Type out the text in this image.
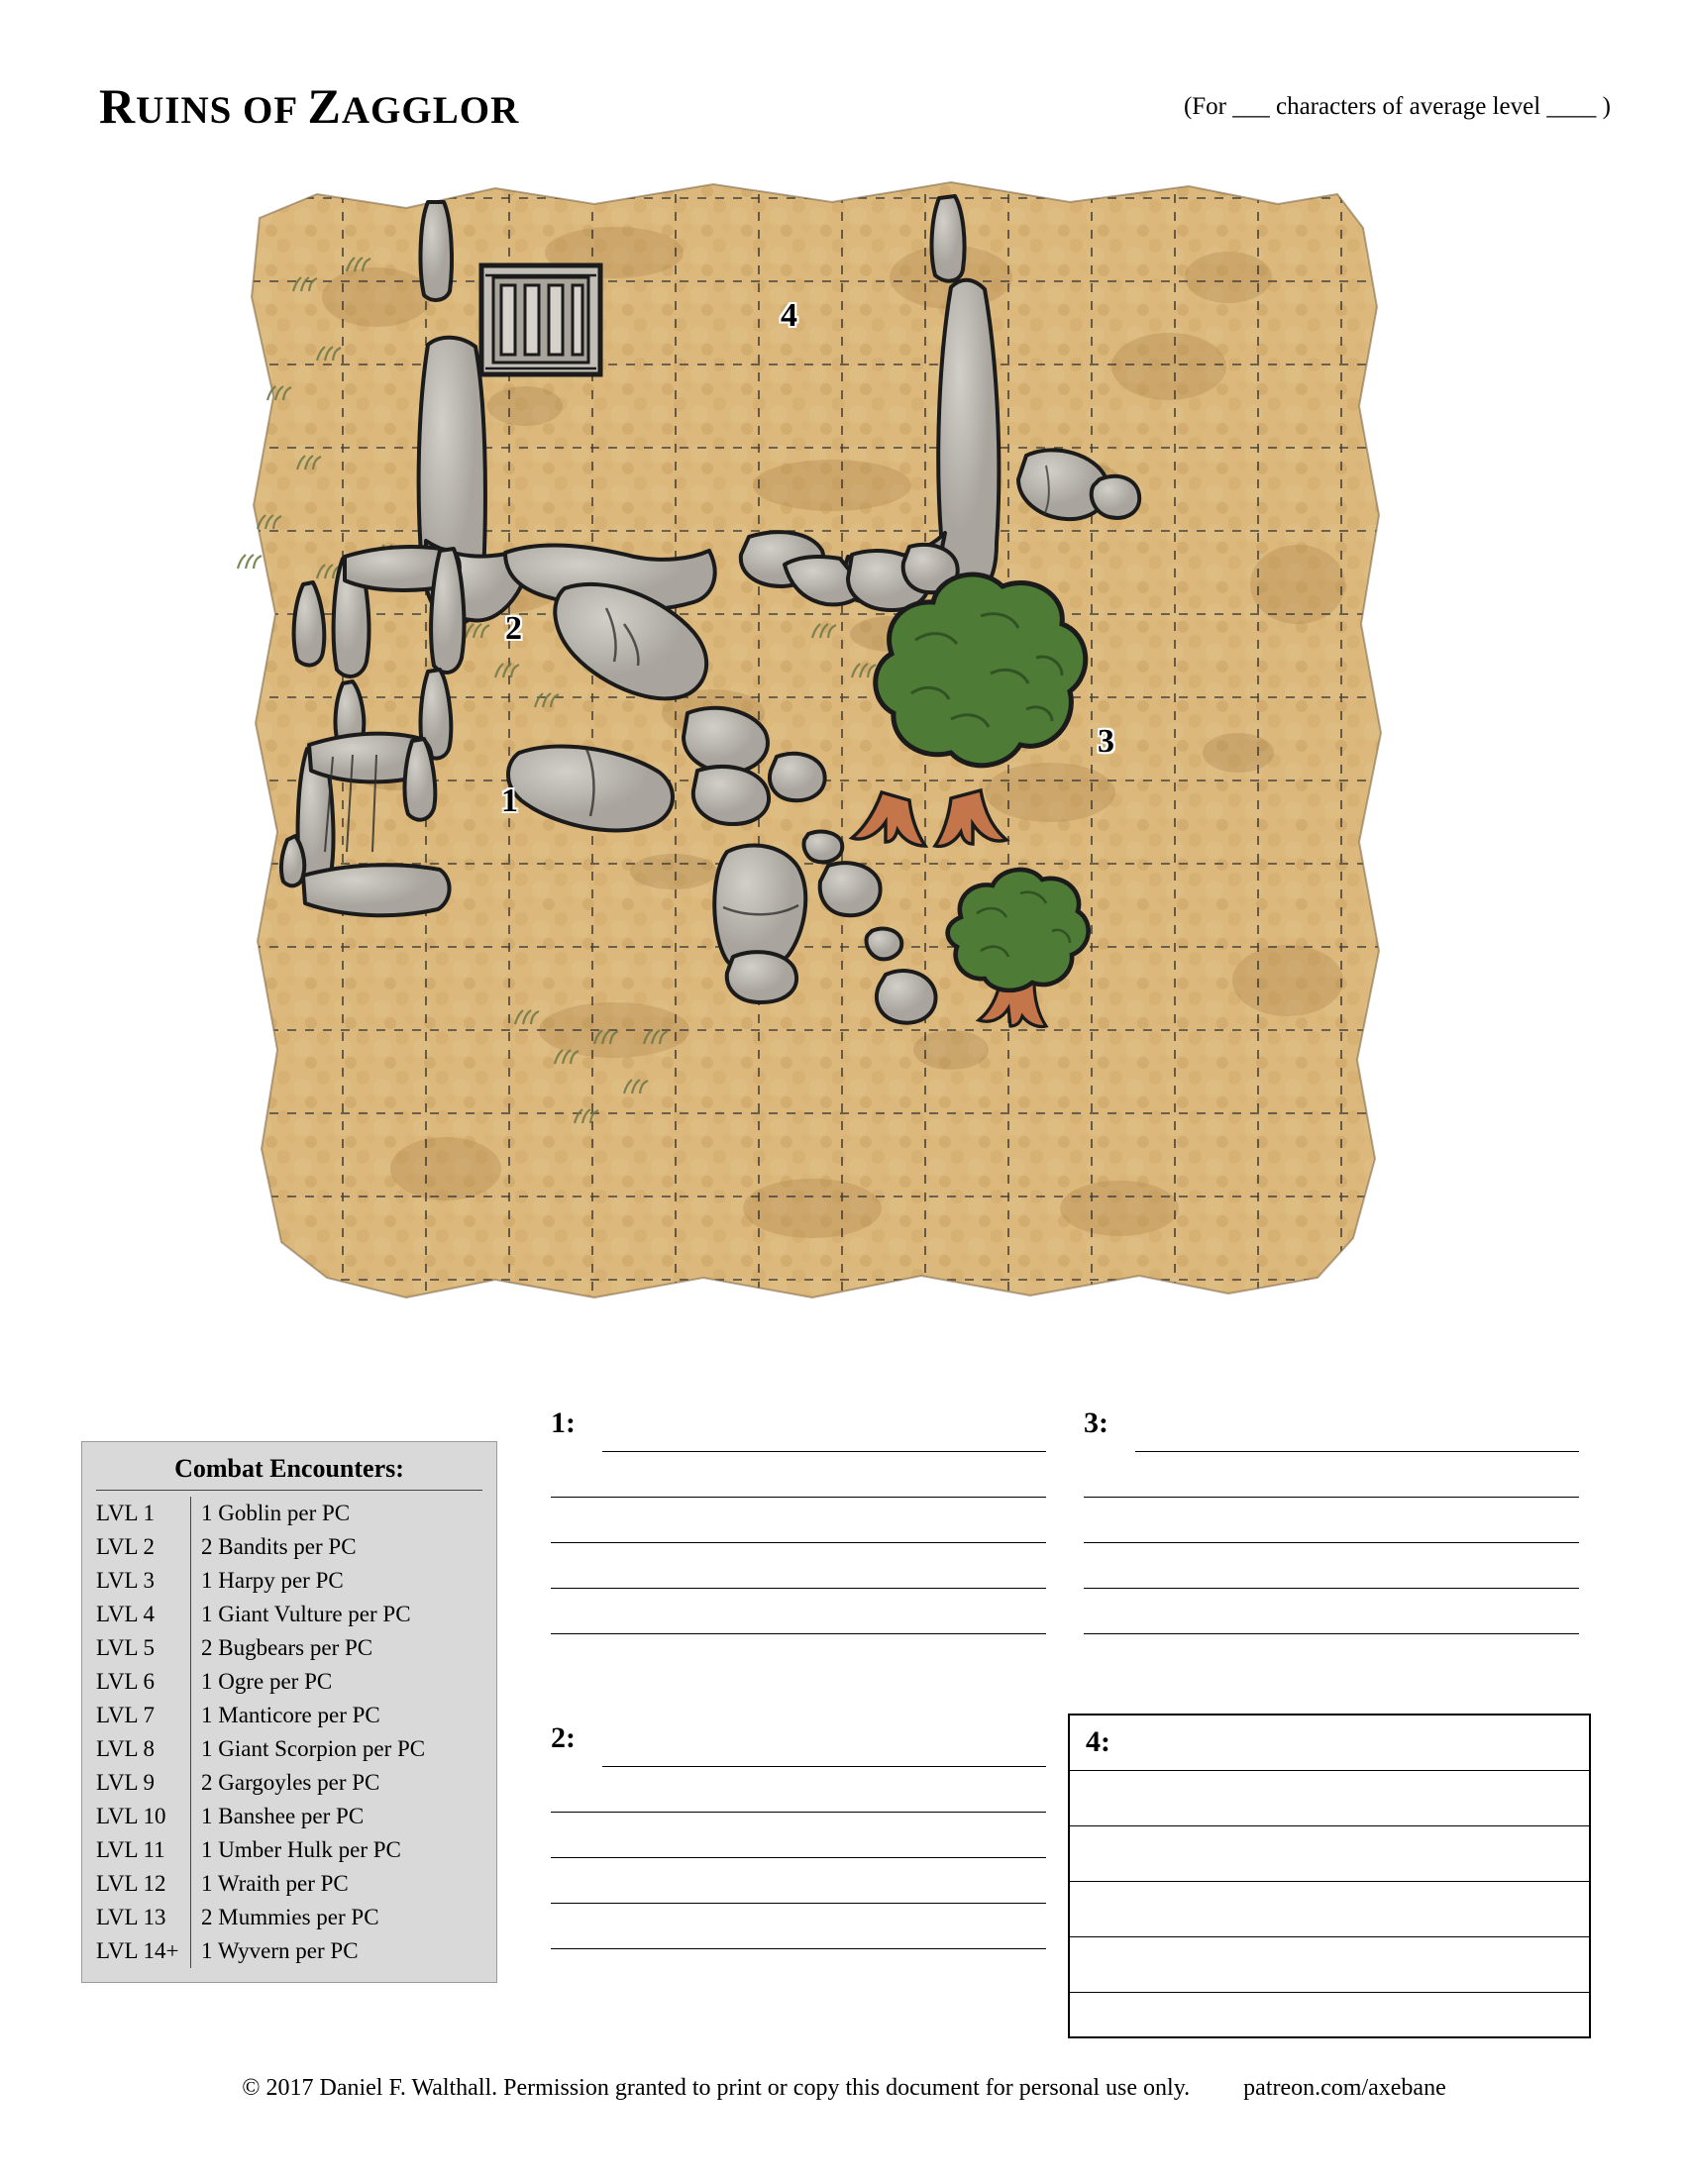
RUINS OF ZAGGLOR	(For ___ characters of average level ____ )
2
1
3
4
Combat Encounters:
LVL 1	1 Goblin per PC
LVL 2	2 Bandits per PC
LVL 3	1 Harpy per PC
LVL 4	1 Giant Vulture per PC
LVL 5	2 Bugbears per PC
LVL 6	1 Ogre per PC
LVL 7	1 Manticore per PC
LVL 8	1 Giant Scorpion per PC
LVL 9	2 Gargoyles per PC
LVL 10	1 Banshee per PC
LVL 11	1 Umber Hulk per PC
LVL 12	1 Wraith per PC
LVL 13	2 Mummies per PC
LVL 14+ 1 Wyvern per PC
1:	3:
2:	4:
© 2017 Daniel F. Walthall. Permission granted to print or copy this document for personal use only. patreon.com/axebane
